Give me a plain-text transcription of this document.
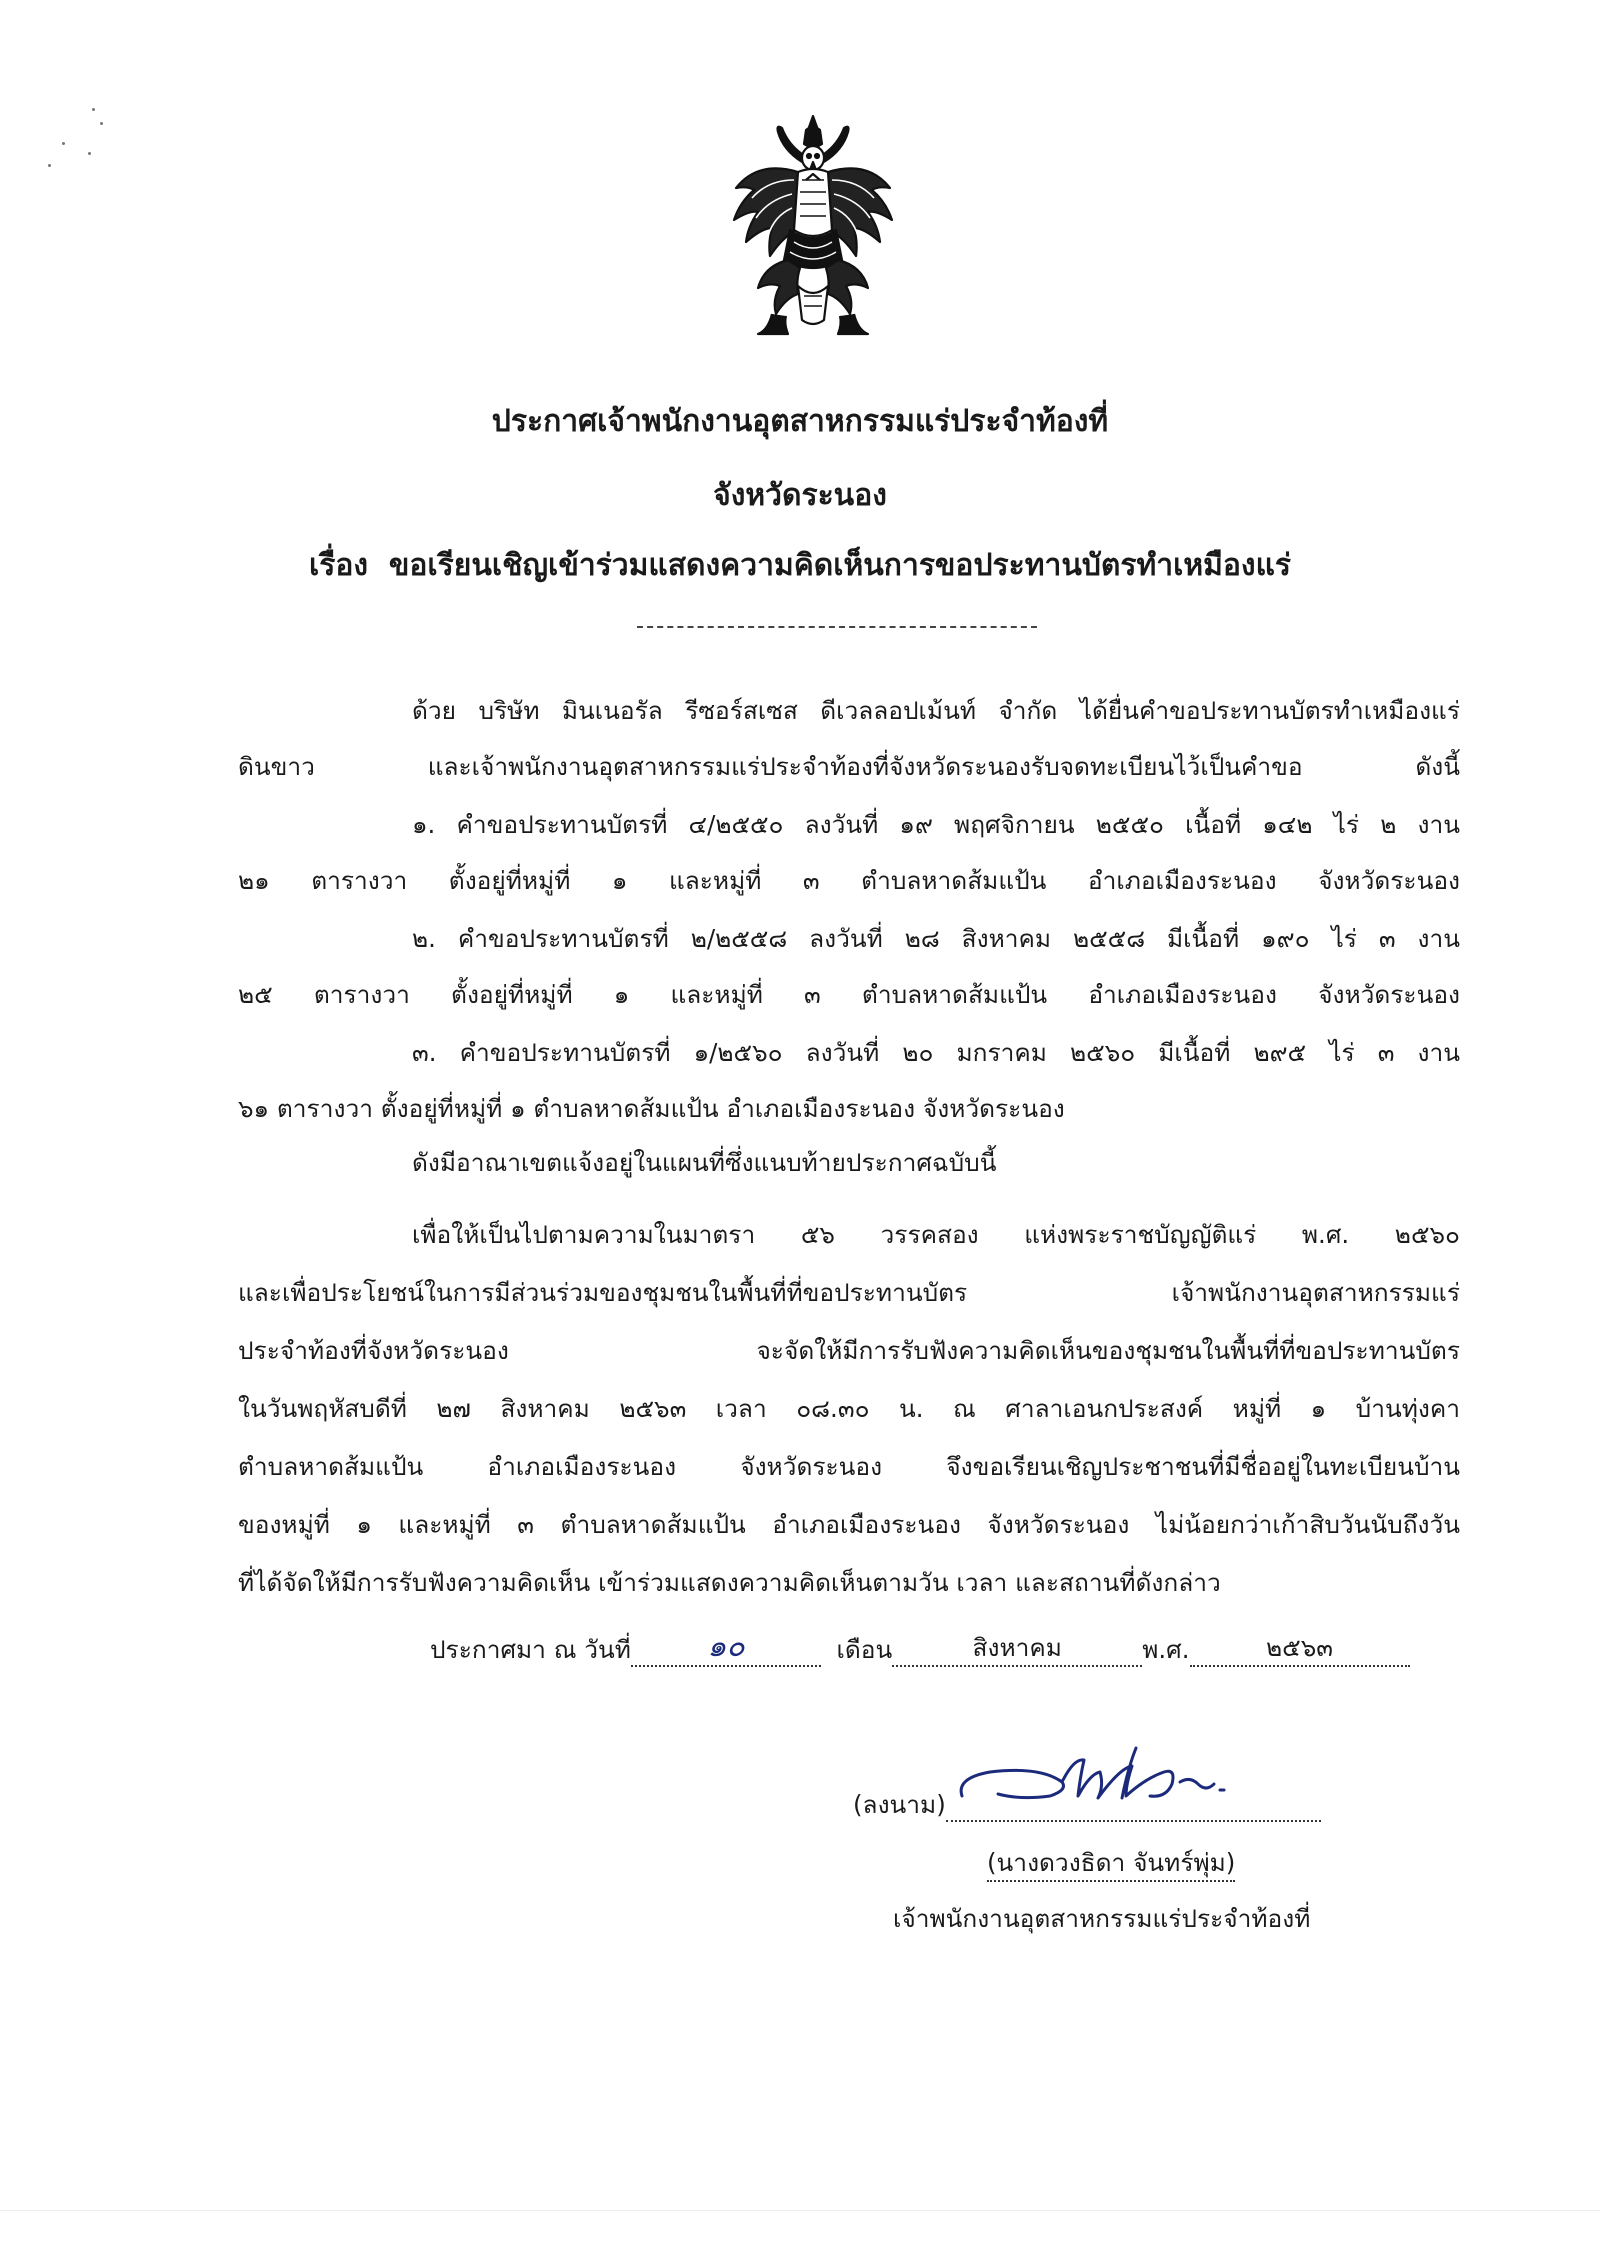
ประกาศเจ้าพนักงานอุตสาหกรรมแร่ประจำท้องที่
จังหวัดระนอง
เรื่อง ขอเรียนเชิญเข้าร่วมแสดงความคิดเห็นการขอประทานบัตรทำเหมืองแร่
ด้วย บริษัท มินเนอรัล รีซอร์สเซส ดีเวลลอปเม้นท์ จำกัด ได้ยื่นคำขอประทานบัตรทำเหมืองแร่
ดินขาว และเจ้าพนักงานอุตสาหกรรมแร่ประจำท้องที่จังหวัดระนองรับจดทะเบียนไว้เป็นคำขอ ดังนี้
๑. คำขอประทานบัตรที่ ๔/๒๕๕๐ ลงวันที่ ๑๙ พฤศจิกายน ๒๕๕๐ เนื้อที่ ๑๔๒ ไร่ ๒ งาน
๒๑ ตารางวา ตั้งอยู่ที่หมู่ที่ ๑ และหมู่ที่ ๓ ตำบลหาดส้มแป้น อำเภอเมืองระนอง จังหวัดระนอง
๒. คำขอประทานบัตรที่ ๒/๒๕๕๘ ลงวันที่ ๒๘ สิงหาคม ๒๕๕๘ มีเนื้อที่ ๑๙๐ ไร่ ๓ งาน
๒๕ ตารางวา ตั้งอยู่ที่หมู่ที่ ๑ และหมู่ที่ ๓ ตำบลหาดส้มแป้น อำเภอเมืองระนอง จังหวัดระนอง
๓. คำขอประทานบัตรที่ ๑/๒๕๖๐ ลงวันที่ ๒๐ มกราคม ๒๕๖๐ มีเนื้อที่ ๒๙๕ ไร่ ๓ งาน
๖๑ ตารางวา ตั้งอยู่ที่หมู่ที่ ๑ ตำบลหาดส้มแป้น อำเภอเมืองระนอง จังหวัดระนอง
ดังมีอาณาเขตแจ้งอยู่ในแผนที่ซึ่งแนบท้ายประกาศฉบับนี้
เพื่อให้เป็นไปตามความในมาตรา ๕๖ วรรคสอง แห่งพระราชบัญญัติแร่ พ.ศ. ๒๕๖๐
และเพื่อประโยชน์ในการมีส่วนร่วมของชุมชนในพื้นที่ที่ขอประทานบัตร เจ้าพนักงานอุตสาหกรรมแร่
ประจำท้องที่จังหวัดระนอง จะจัดให้มีการรับฟังความคิดเห็นของชุมชนในพื้นที่ที่ขอประทานบัตร
ในวันพฤหัสบดีที่ ๒๗ สิงหาคม ๒๕๖๓ เวลา ๐๘.๓๐ น. ณ ศาลาเอนกประสงค์ หมู่ที่ ๑ บ้านทุ่งคา
ตำบลหาดส้มแป้น อำเภอเมืองระนอง จังหวัดระนอง จึงขอเรียนเชิญประชาชนที่มีชื่ออยู่ในทะเบียนบ้าน
ของหมู่ที่ ๑ และหมู่ที่ ๓ ตำบลหาดส้มแป้น อำเภอเมืองระนอง จังหวัดระนอง ไม่น้อยกว่าเก้าสิบวันนับถึงวัน
ที่ได้จัดให้มีการรับฟังความคิดเห็น เข้าร่วมแสดงความคิดเห็นตามวัน เวลา และสถานที่ดังกล่าว
ประกาศมา ณ วันที่	๑๐	เดือน	สิงหาคม	พ.ศ.	๒๕๖๓
(ลงนาม)
(นางดวงธิดา จันทร์พุ่ม)
เจ้าพนักงานอุตสาหกรรมแร่ประจำท้องที่
